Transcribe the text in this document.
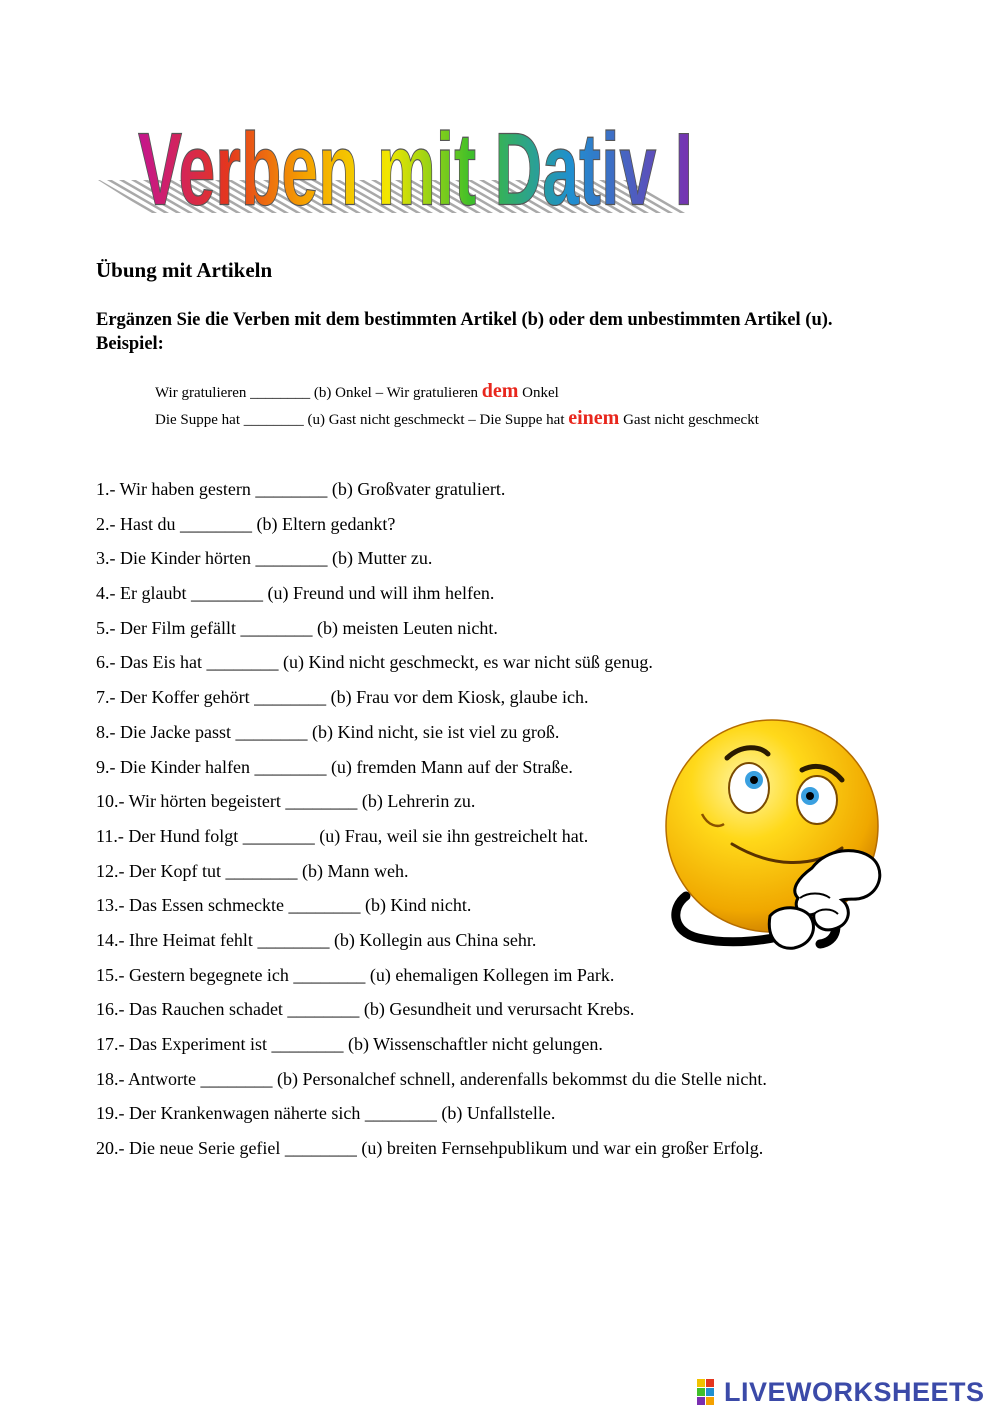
Verben mit Dativ I
Übung mit Artikeln
Ergänzen Sie die Verben mit dem bestimmten Artikel (b) oder dem unbestimmten Artikel (u).
Beispiel:
Wir gratulieren ________ (b) Onkel – Wir gratulieren dem Onkel
Die Suppe hat ________ (u) Gast nicht geschmeckt – Die Suppe hat einem Gast nicht geschmeckt
1.- Wir haben gestern ________ (b) Großvater gratuliert.
2.- Hast du ________ (b) Eltern gedankt?
3.- Die Kinder hörten ________ (b) Mutter zu.
4.- Er glaubt ________ (u) Freund und will ihm helfen.
5.- Der Film gefällt ________ (b) meisten Leuten nicht.
6.- Das Eis hat ________ (u) Kind nicht geschmeckt, es war nicht süß genug.
7.- Der Koffer gehört ________ (b) Frau vor dem Kiosk, glaube ich.
8.- Die Jacke passt ________ (b) Kind nicht, sie ist viel zu groß.
9.- Die Kinder halfen ________ (u) fremden Mann auf der Straße.
10.- Wir hörten begeistert ________ (b) Lehrerin zu.
11.- Der Hund folgt ________ (u) Frau, weil sie ihn gestreichelt hat.
12.- Der Kopf tut ________ (b) Mann weh.
13.- Das Essen schmeckte ________ (b) Kind nicht.
14.- Ihre Heimat fehlt ________ (b) Kollegin aus China sehr.
15.- Gestern begegnete ich ________ (u) ehemaligen Kollegen im Park.
16.- Das Rauchen schadet ________ (b) Gesundheit und verursacht Krebs.
17.- Das Experiment ist ________ (b) Wissenschaftler nicht gelungen.
18.- Antworte ________ (b) Personalchef schnell, anderenfalls bekommst du die Stelle nicht.
19.- Der Krankenwagen näherte sich ________ (b) Unfallstelle.
20.- Die neue Serie gefiel ________ (u) breiten Fernsehpublikum und war ein großer Erfolg.
LIVEWORKSHEETS
